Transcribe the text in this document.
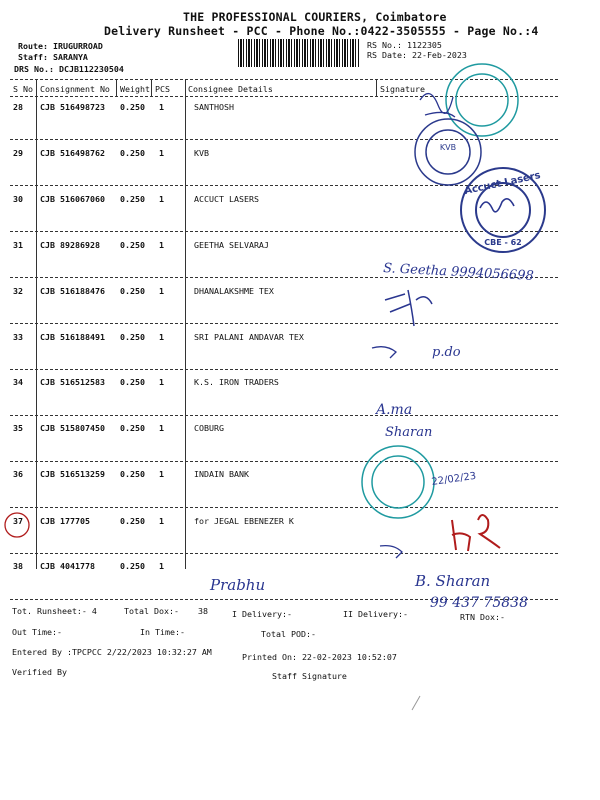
THE PROFESSIONAL COURIERS, Coimbatore
Delivery Runsheet - PCC - Phone No.:0422-3505555 - Page No.:4
Route: IRUGURROAD
Staff: SARANYA
DRS No.: DCJB112230504
RS No.: 1122305
RS Date: 22-Feb-2023
S No Consignment No Weight PCS Consignee Details	Signature
28 CJB 516498723 0.250 1	SANTHOSH
29 CJB 516498762 0.250 1	KVB
30 CJB 516067060 0.250 1	ACCUCT LASERS
31 CJB 89286928 0.250 1	GEETHA SELVARAJ
32 CJB 516188476 0.250 1	DHANALAKSHME TEX
33 CJB 516188491 0.250 1	SRI PALANI ANDAVAR TEX
34 CJB 516512583 0.250 1	K.S. IRON TRADERS
35 CJB 515807450 0.250 1	COBURG
36 CJB 516513259 0.250 1	INDAIN BANK
37 CJB 177705	0.250 1	for JEGAL EBENEZER K
38 CJB 4041778	0.250 1
KVB
Accuct Lasers
CBE - 62
22/02/23
S. Geetha 9994056698
p.do
A.ma
Sharan
Prabhu	B. Sharan
99 437 75838
Tot. Runsheet:- 4	Total Dox:- 38	I Delivery:-	II Delivery:-	RTN Dox:-
Out Time:-	In Time:-	Total POD:-
Entered By :TPCPCC 2/22/2023 10:32:27 AM	Printed On: 22-02-2023 10:52:07
Verified By	Staff Signature
